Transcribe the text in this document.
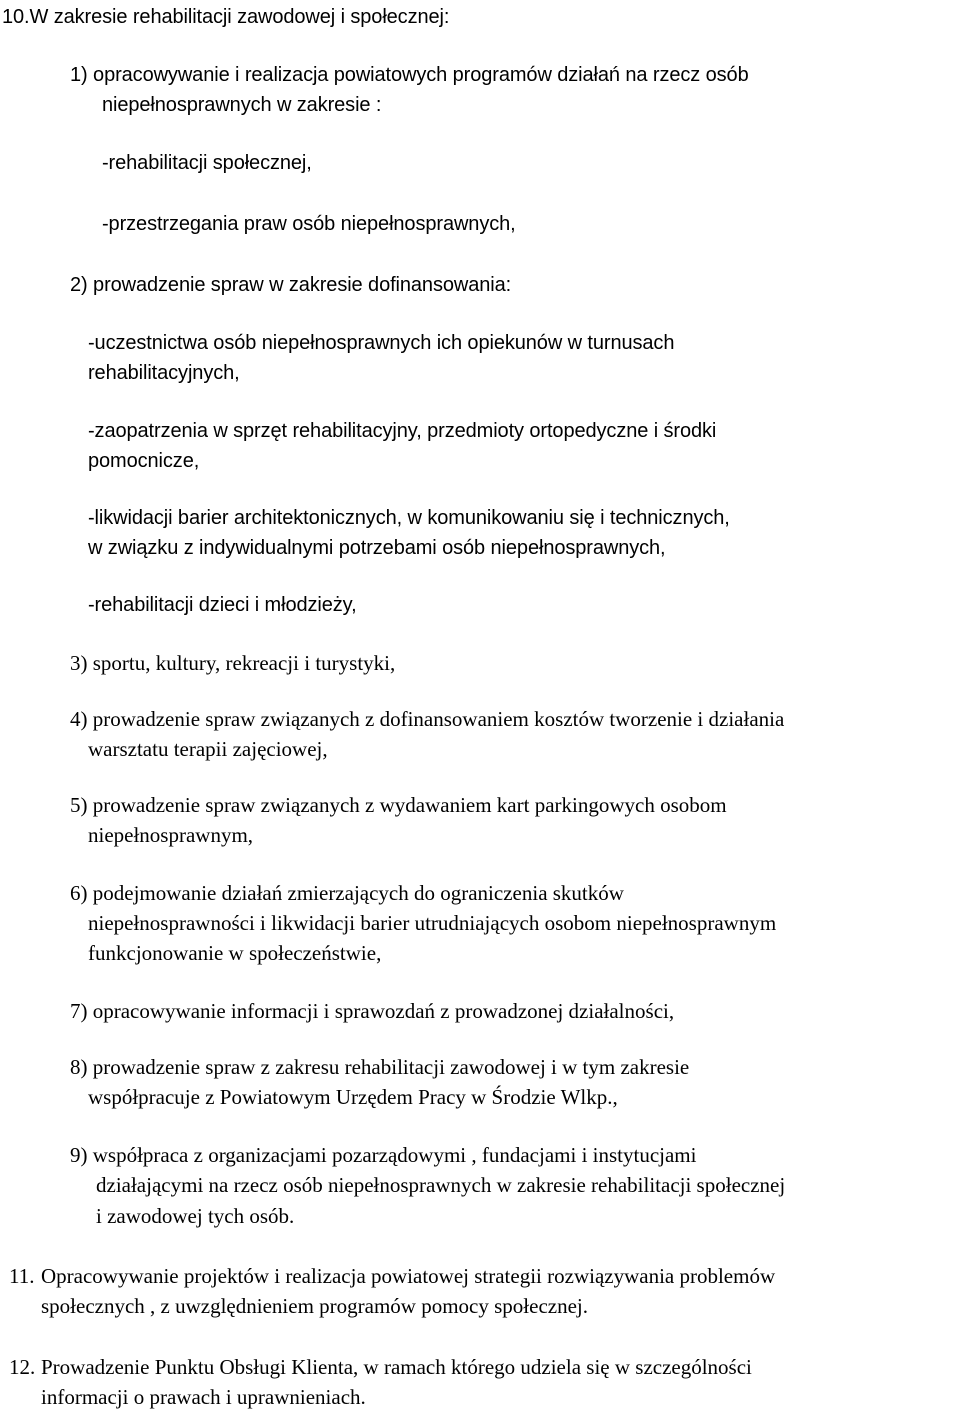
10.W zakresie rehabilitacji zawodowej i społecznej:
1) opracowywanie i realizacja powiatowych programów działań na rzecz osób
niepełnosprawnych w zakresie :
-rehabilitacji społecznej,
-przestrzegania praw osób niepełnosprawnych,
2) prowadzenie spraw w zakresie dofinansowania:
-uczestnictwa osób niepełnosprawnych ich opiekunów w turnusach
rehabilitacyjnych,
-zaopatrzenia w sprzęt rehabilitacyjny, przedmioty ortopedyczne i środki
pomocnicze,
-likwidacji barier architektonicznych, w komunikowaniu się i technicznych,
w związku z indywidualnymi potrzebami osób niepełnosprawnych,
-rehabilitacji dzieci i młodzieży,
3) sportu, kultury, rekreacji i turystyki,
4) prowadzenie spraw związanych z dofinansowaniem kosztów tworzenie i działania
warsztatu terapii zajęciowej,
5) prowadzenie spraw związanych z wydawaniem kart parkingowych osobom
niepełnosprawnym,
6) podejmowanie działań zmierzających do ograniczenia skutków
niepełnosprawności i likwidacji barier utrudniających osobom niepełnosprawnym
funkcjonowanie w społeczeństwie,
7) opracowywanie informacji i sprawozdań z prowadzonej działalności,
8) prowadzenie spraw z zakresu rehabilitacji zawodowej i w tym zakresie
współpracuje z Powiatowym Urzędem Pracy w Środzie Wlkp.,
9) współpraca z organizacjami pozarządowymi , fundacjami i instytucjami
działającymi na rzecz osób niepełnosprawnych w zakresie rehabilitacji społecznej
i zawodowej tych osób.
11. Opracowywanie projektów i realizacja powiatowej strategii rozwiązywania problemów
społecznych , z uwzględnieniem programów pomocy społecznej.
12. Prowadzenie Punktu Obsługi Klienta, w ramach którego udziela się w szczególności
informacji o prawach i uprawnieniach.
